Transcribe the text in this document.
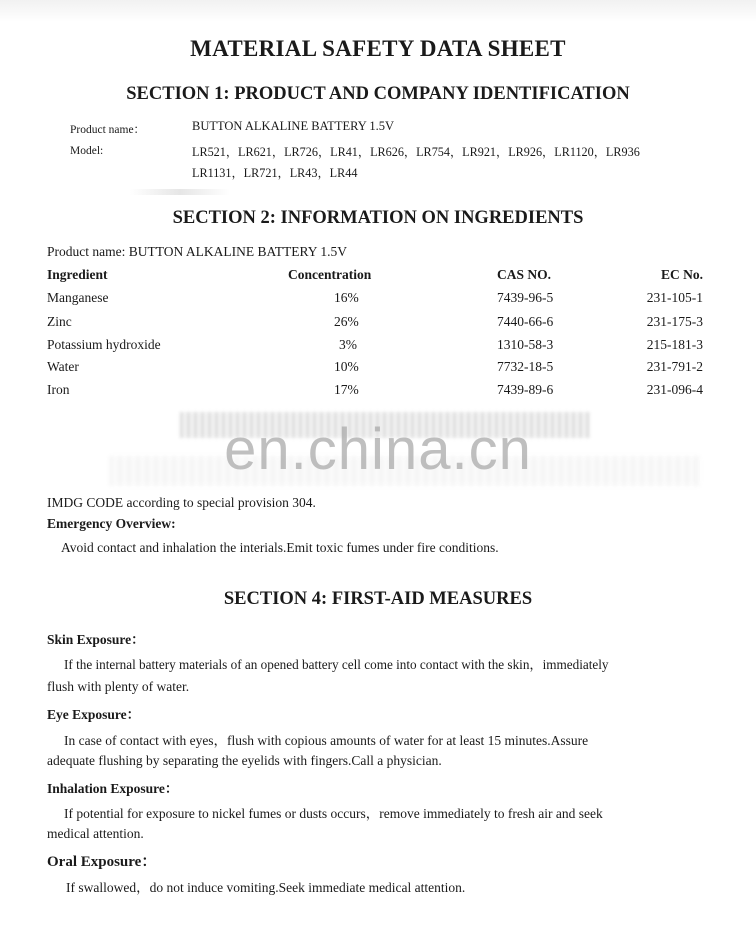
MATERIAL SAFETY DATA SHEET
SECTION 1: PRODUCT AND COMPANY IDENTIFICATION
Product name：	BUTTON ALKALINE BATTERY 1.5V
Model:	LR521，LR621，LR726，LR41，LR626，LR754，LR921，LR926，LR1120，LR936
LR1131，LR721，LR43，LR44
SECTION 2: INFORMATION ON INGREDIENTS
Product name: BUTTON ALKALINE BATTERY 1.5V
Ingredient	Concentration	CAS NO.	EC No.
Manganese	16%	7439-96-5	231-105-1
Zinc	26%	7440-66-6	231-175-3
Potassium hydroxide	3%	1310-58-3	215-181-3
Water	10%	7732-18-5	231-791-2
Iron	17%	7439-89-6	231-096-4
en.china.cn
IMDG CODE according to special provision 304.
Emergency Overview:
Avoid contact and inhalation the interials.Emit toxic fumes under fire conditions.
SECTION 4: FIRST-AID MEASURES
Skin Exposure：
If the internal battery materials of an opened battery cell come into contact with the skin，immediately
flush with plenty of water.
Eye Exposure：
In case of contact with eyes，flush with copious amounts of water for at least 15 minutes.Assure
adequate flushing by separating the eyelids with fingers.Call a physician.
Inhalation Exposure：
If potential for exposure to nickel fumes or dusts occurs，remove immediately to fresh air and seek
medical attention.
Oral Exposure：
If swallowed，do not induce vomiting.Seek immediate medical attention.
